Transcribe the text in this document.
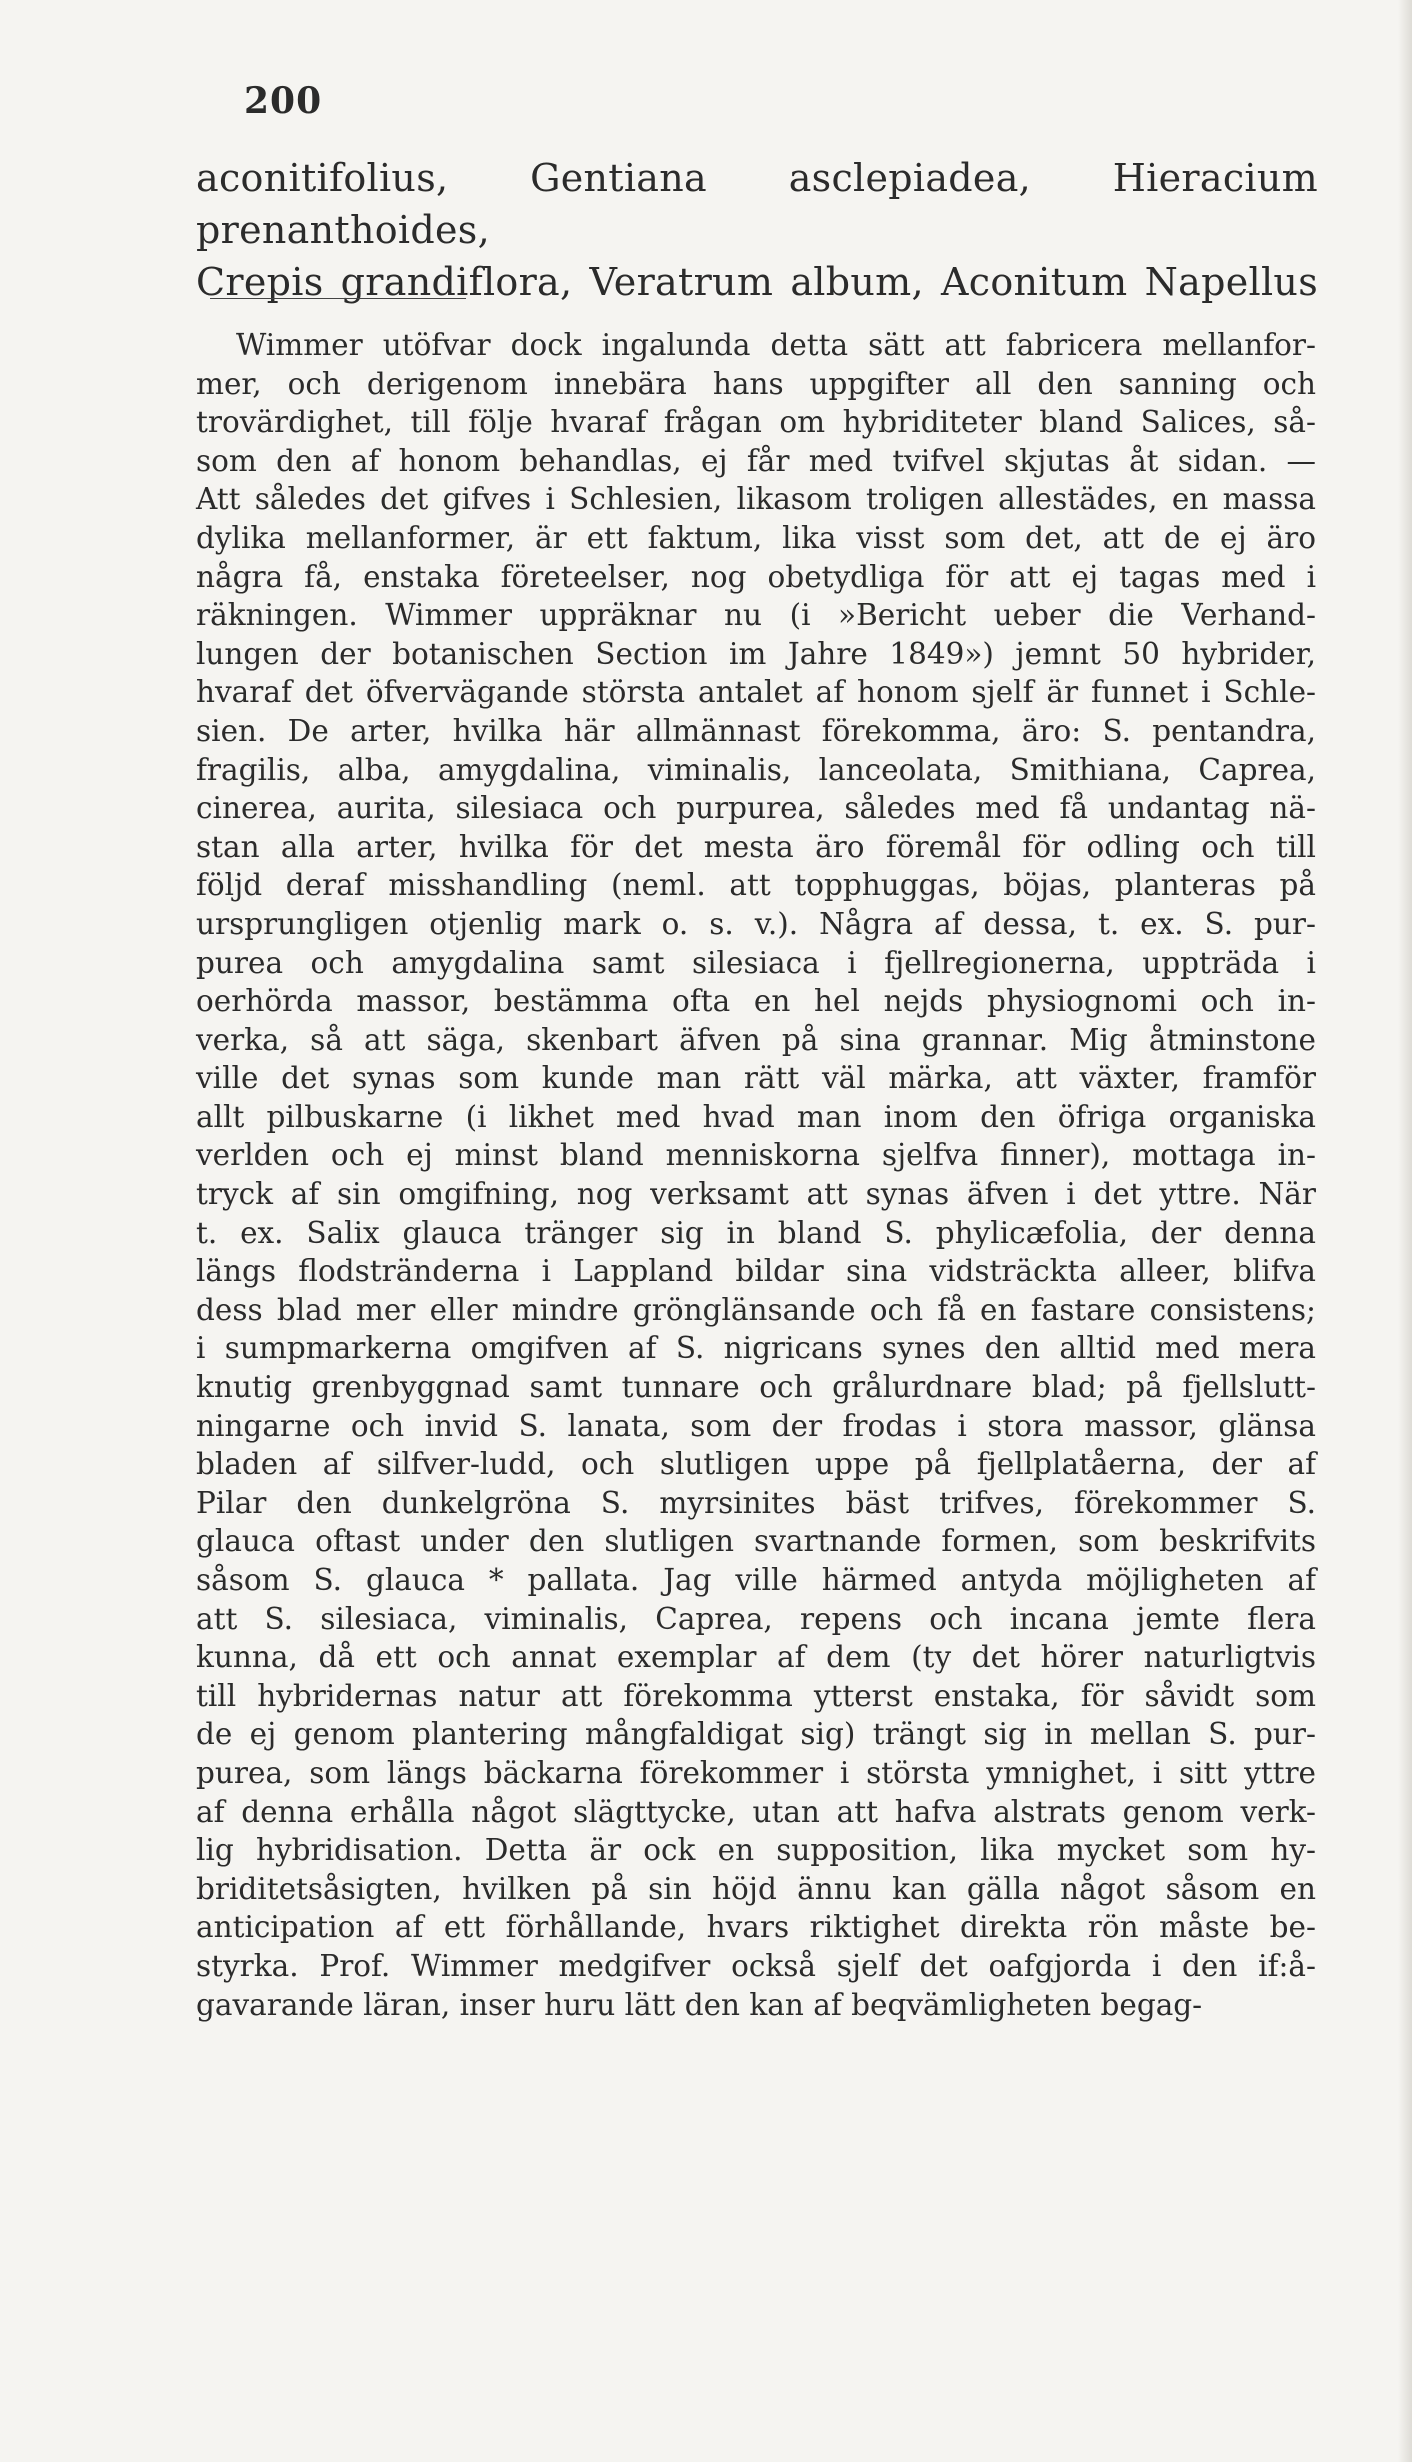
200
aconitifolius, Gentiana asclepiadea, Hieracium prenanthoides,
Crepis grandiflora, Veratrum album, Aconitum Napellus
Wimmer utöfvar dock ingalunda detta sätt att fabricera mellanfor-
mer, och derigenom innebära hans uppgifter all den sanning och
trovärdighet, till följe hvaraf frågan om hybriditeter bland Salices, så-
som den af honom behandlas, ej får med tvifvel skjutas åt sidan. —
Att således det gifves i Schlesien, likasom troligen allestädes, en massa
dylika mellanformer, är ett faktum, lika visst som det, att de ej äro
några få, enstaka företeelser, nog obetydliga för att ej tagas med i
räkningen. Wimmer uppräknar nu (i »Bericht ueber die Verhand-
lungen der botanischen Section im Jahre 1849») jemnt 50 hybrider,
hvaraf det öfvervägande största antalet af honom sjelf är funnet i Schle-
sien. De arter, hvilka här allmännast förekomma, äro: S. pentandra,
fragilis, alba, amygdalina, viminalis, lanceolata, Smithiana, Caprea,
cinerea, aurita, silesiaca och purpurea, således med få undantag nä-
stan alla arter, hvilka för det mesta äro föremål för odling och till
följd deraf misshandling (neml. att topphuggas, böjas, planteras på
ursprungligen otjenlig mark o. s. v.). Några af dessa, t. ex. S. pur-
purea och amygdalina samt silesiaca i fjellregionerna, uppträda i
oerhörda massor, bestämma ofta en hel nejds physiognomi och in-
verka, så att säga, skenbart äfven på sina grannar. Mig åtminstone
ville det synas som kunde man rätt väl märka, att växter, framför
allt pilbuskarne (i likhet med hvad man inom den öfriga organiska
verlden och ej minst bland menniskorna sjelfva finner), mottaga in-
tryck af sin omgifning, nog verksamt att synas äfven i det yttre. När
t. ex. Salix glauca tränger sig in bland S. phylicæfolia, der denna
längs flodstränderna i Lappland bildar sina vidsträckta alleer, blifva
dess blad mer eller mindre grönglänsande och få en fastare consistens;
i sumpmarkerna omgifven af S. nigricans synes den alltid med mera
knutig grenbyggnad samt tunnare och grålurdnare blad; på fjellslutt-
ningarne och invid S. lanata, som der frodas i stora massor, glänsa
bladen af silfver-ludd, och slutligen uppe på fjellplatåerna, der af
Pilar den dunkelgröna S. myrsinites bäst trifves, förekommer S.
glauca oftast under den slutligen svartnande formen, som beskrifvits
såsom S. glauca * pallata. Jag ville härmed antyda möjligheten af
att S. silesiaca, viminalis, Caprea, repens och incana jemte flera
kunna, då ett och annat exemplar af dem (ty det hörer naturligtvis
till hybridernas natur att förekomma ytterst enstaka, för såvidt som
de ej genom plantering mångfaldigat sig) trängt sig in mellan S. pur-
purea, som längs bäckarna förekommer i största ymnighet, i sitt yttre
af denna erhålla något slägttycke, utan att hafva alstrats genom verk-
lig hybridisation. Detta är ock en supposition, lika mycket som hy-
briditetsåsigten, hvilken på sin höjd ännu kan gälla något såsom en
anticipation af ett förhållande, hvars riktighet direkta rön måste be-
styrka. Prof. Wimmer medgifver också sjelf det oafgjorda i den if:å-
gavarande läran, inser huru lätt den kan af beqvämligheten begag-
